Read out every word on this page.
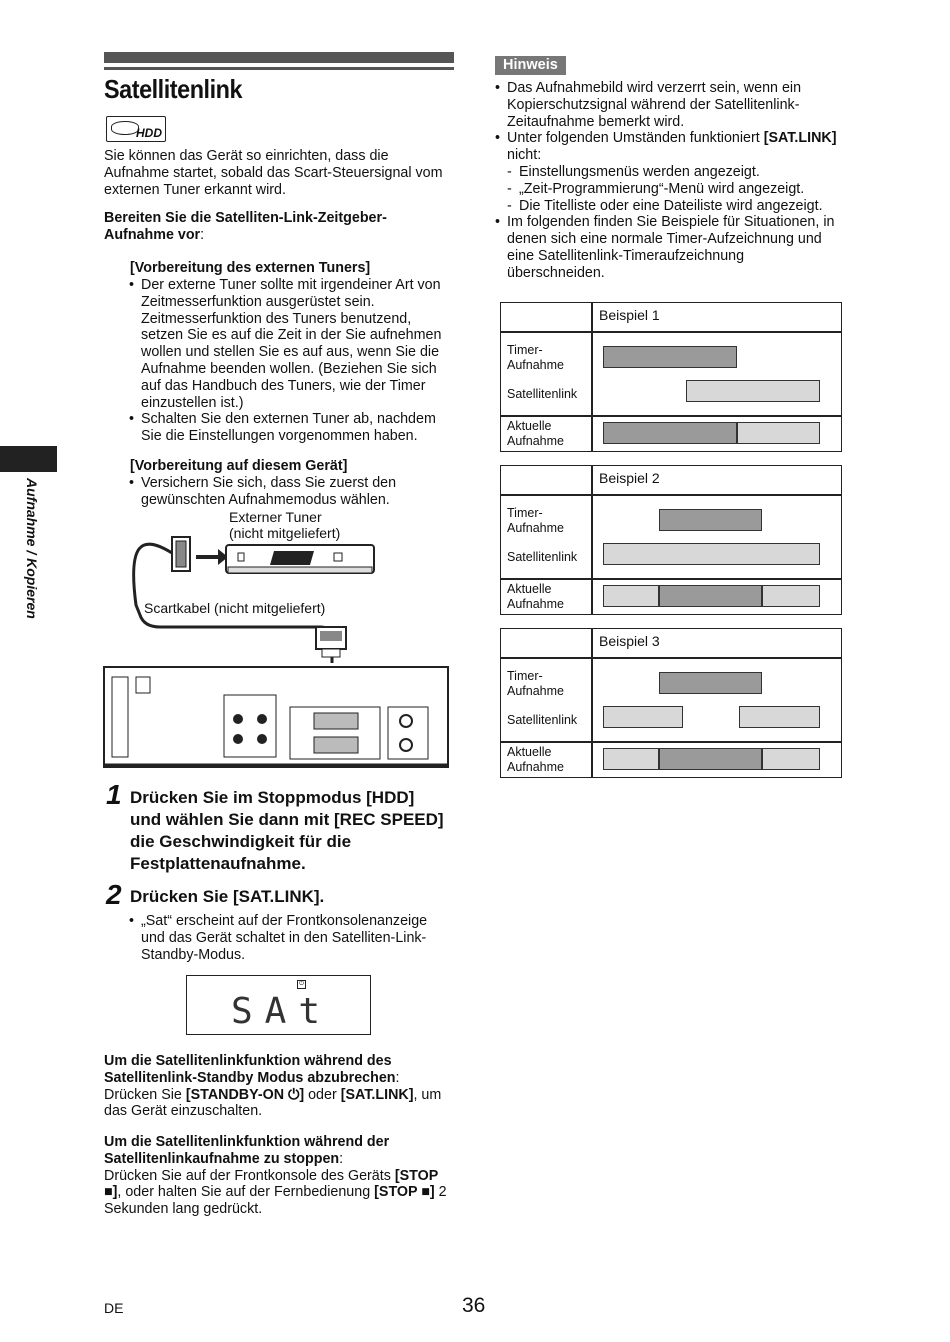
Satellitenlink
HDD

Sie können das Gerät so einrichten, dass die Aufnahme startet, sobald das Scart-Steuersignal vom externen Tuner erkannt wird.

Bereiten Sie die Satelliten-Link-Zeitgeber-Aufnahme vor:

[Vorbereitung des externen Tuners]

• Der externe Tuner sollte mit irgendeiner Art von Zeitmesserfunktion ausgerüstet sein. Zeitmesserfunktion des Tuners benutzend, setzen Sie es auf die Zeit in der Sie aufnehmen wollen und stellen Sie es auf aus, wenn Sie die Aufnahme beenden wollen. (Beziehen Sie sich auf das Handbuch des Tuners, wie der Timer einzustellen ist.)
• Schalten Sie den externen Tuner ab, nachdem Sie die Einstellungen vorgenommen haben.

[Vorbereitung auf diesem Gerät]

• Versichern Sie sich, dass Sie zuerst den gewünschten Aufnahmemodus wählen.
Externer Tuner
(nicht mitgeliefert)

Scartkabel (nicht mitgeliefert)

Aufnahme / Kopieren
1 Drücken Sie im Stoppmodus [HDD] und wählen Sie dann mit [REC SPEED] die Geschwindigkeit für die Festplattenaufnahme.

2 Drücken Sie [SAT.LINK].

• „Sat“ erscheint auf der Frontkonsolenanzeige und das Gerät schaltet in den Satelliten-Link-Standby-Modus.
⏻
SAt

Um die Satellitenlinkfunktion während des Satellitenlink-Standby Modus abzubrechen:
Drücken Sie [STANDBY-ON ⏻] oder [SAT.LINK], um das Gerät einzuschalten.

Um die Satellitenlinkfunktion während der Satellitenlinkaufnahme zu stoppen:
Drücken Sie auf der Frontkonsole des Geräts [STOP ■], oder halten Sie auf der Fernbedienung [STOP ■] 2 Sekunden lang gedrückt.

Hinweis
• Das Aufnahmebild wird verzerrt sein, wenn ein Kopierschutzsignal während der Satellitenlink-Zeitaufnahme bemerkt wird.
• Unter folgenden Umständen funktioniert [SAT.LINK] nicht:
- Einstellungsmenüs werden angezeigt.
- „Zeit-Programmierung“-Menü wird angezeigt.
- Die Titelliste oder eine Dateiliste wird angezeigt.
• Im folgenden finden Sie Beispiele für Situationen, in denen sich eine normale Timer-Aufzeichnung und eine Satellitenlink-Timeraufzeichnung überschneiden.
Beispiel 1
Timer-
Aufnahme
Satellitenlink
Aktuelle
Aufnahme
Beispiel 2
Timer-
Aufnahme
Satellitenlink
Aktuelle
Aufnahme
Beispiel 3
Timer-
Aufnahme
Satellitenlink
Aktuelle
Aufnahme
DE	36
